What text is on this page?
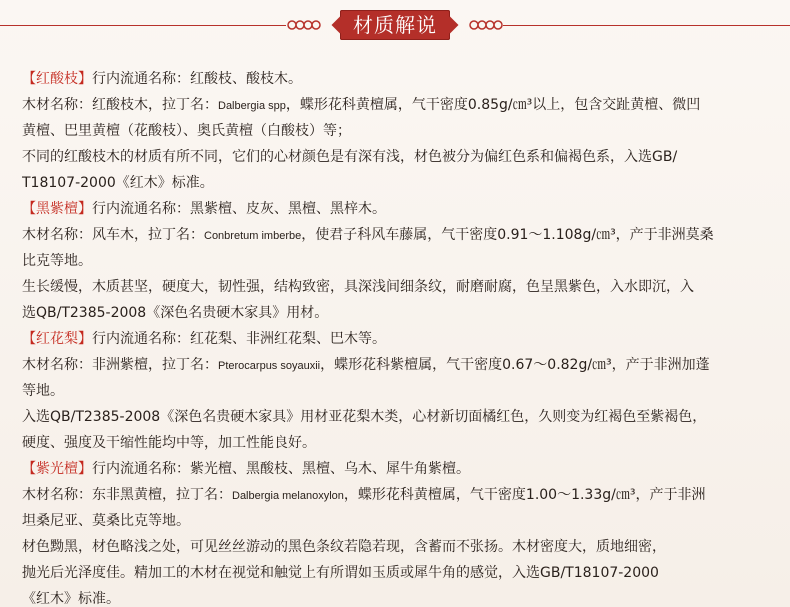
材质解说
【红酸枝】行内流通名称：红酸枝、酸枝木。
木材名称：红酸枝木，拉丁名：Dalbergia spp，蝶形花科黄檀属，气干密度0.85g/㎝³以上，包含交趾黄檀、微凹
黄檀、巴里黄檀（花酸枝）、奥氏黄檀（白酸枝）等；
不同的红酸枝木的材质有所不同，它们的心材颜色是有深有浅，材色被分为偏红色系和偏褐色系，入选GB/
T18107-2000《红木》标准。
【黑紫檀】行内流通名称：黑紫檀、皮灰、黑檀、黑梓木。
木材名称：风车木，拉丁名：Conbretum imberbe，使君子科风车藤属，气干密度0.91～1.108g/㎝³，产于非洲莫桑
比克等地。
生长缓慢，木质甚坚，硬度大，韧性强，结构致密，具深浅间细条纹，耐磨耐腐，色呈黑紫色，入水即沉，入
选QB/T2385-2008《深色名贵硬木家具》用材。
【红花梨】行内流通名称：红花梨、非洲红花梨、巴木等。
木材名称：非洲紫檀，拉丁名：Pterocarpus soyauxii，蝶形花科紫檀属，气干密度0.67～0.82g/㎝³，产于非洲加蓬
等地。
入选QB/T2385-2008《深色名贵硬木家具》用材亚花梨木类，心材新切面橘红色，久则变为红褐色至紫褐色，
硬度、强度及干缩性能均中等，加工性能良好。
【紫光檀】行内流通名称：紫光檀、黑酸枝、黑檀、乌木、犀牛角紫檀。
木材名称：东非黑黄檀，拉丁名：Dalbergia melanoxylon，蝶形花科黄檀属，气干密度1.00～1.33g/㎝³，产于非洲
坦桑尼亚、莫桑比克等地。
材色黝黑，材色略浅之处，可见丝丝游动的黑色条纹若隐若现，含蓄而不张扬。木材密度大，质地细密，
抛光后光泽度佳。精加工的木材在视觉和触觉上有所谓如玉质或犀牛角的感觉，入选GB/T18107-2000
《红木》标准。
